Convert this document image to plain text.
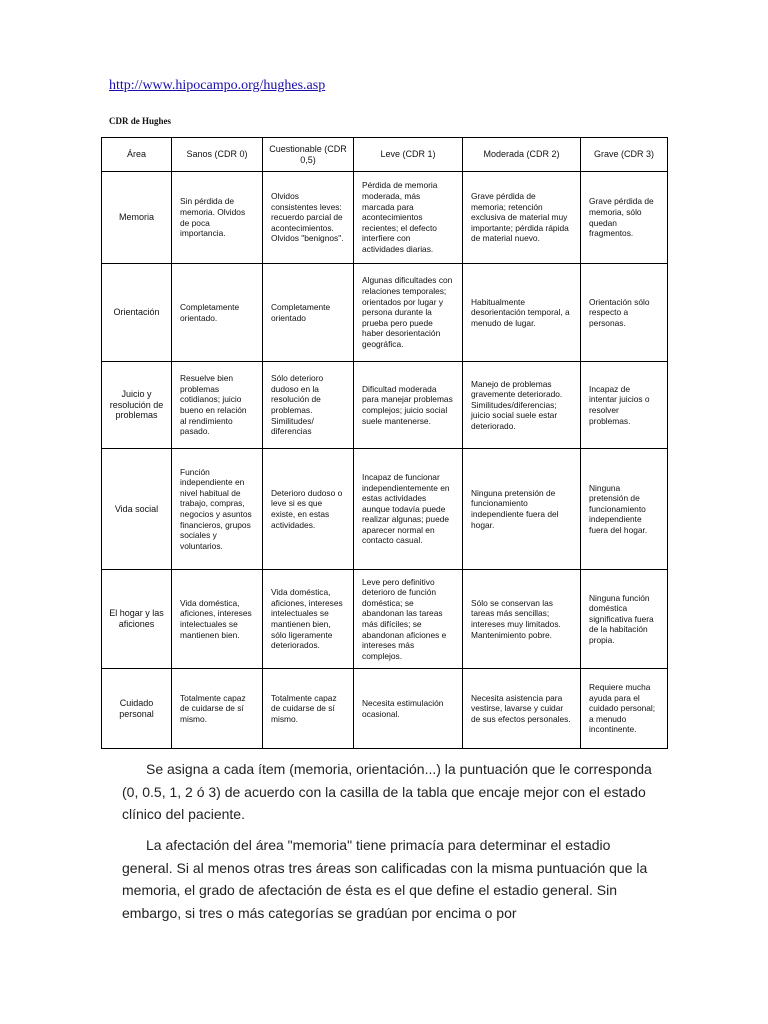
http://www.hipocampo.org/hughes.asp
CDR de Hughes
Área	Sanos (CDR 0)	Cuestionable (CDR 0,5)	Leve (CDR 1)	Moderada (CDR 2)	Grave (CDR 3)
Memoria	Sin pérdida de memoria. Olvidos de poca importancia.	Olvidos consistentes leves: recuerdo parcial de acontecimientos. Olvidos "benignos".	Pérdida de memoria moderada, más marcada para acontecimientos recientes; el defecto interfiere con actividades diarias.	Grave pérdida de memoria; retención exclusiva de material muy importante; pérdida rápida de material nuevo.	Grave pérdida de memoria, sólo quedan fragmentos.
Orientación	Completamente orientado.	Completamente orientado	Algunas dificultades con relaciones temporales; orientados por lugar y persona durante la prueba pero puede haber desorientación geográfica.	Habitualmente desorientación temporal, a menudo de lugar.	Orientación sólo respecto a personas.
Juicio y resolución de problemas	Resuelve bien problemas cotidianos; juicio bueno en relación al rendimiento pasado.	Sólo deterioro dudoso en la resolución de problemas. Similitudes/ diferencias	Dificultad moderada para manejar problemas complejos; juicio social suele mantenerse.	Manejo de problemas gravemente deteriorado. Similitudes/diferencias; juicio social suele estar deteriorado.	Incapaz de intentar juicios o resolver problemas.
Vida social	Función independiente en nivel habitual de trabajo, compras, negocios y asuntos financieros, grupos sociales y voluntarios.	Deterioro dudoso o leve si es que existe, en estas actividades.	Incapaz de funcionar independientemente en estas actividades aunque todavía puede realizar algunas; puede aparecer normal en contacto casual.	Ninguna pretensión de funcionamiento independiente fuera del hogar.	Ninguna pretensión de funcionamiento independiente fuera del hogar.
El hogar y las aficiones	Vida doméstica, aficiones, intereses intelectuales se mantienen bien.	Vida doméstica, aficiones, intereses intelectuales se mantienen bien, sólo ligeramente deteriorados.	Leve pero definitivo deterioro de función doméstica; se abandonan las tareas más difíciles; se abandonan aficiones e intereses más complejos.	Sólo se conservan las tareas más sencillas; intereses muy limitados. Mantenimiento pobre.	Ninguna función doméstica significativa fuera de la habitación propia.
Cuidado personal	Totalmente capaz de cuidarse de sí mismo.	Totalmente capaz de cuidarse de sí mismo.	Necesita estimulación ocasional.	Necesita asistencia para vestirse, lavarse y cuidar de sus efectos personales.	Requiere mucha ayuda para el cuidado personal; a menudo incontinente.

Se asigna a cada ítem (memoria, orientación...) la puntuación que le corresponda (0, 0.5, 1, 2 ó 3) de acuerdo con la casilla de la tabla que encaje mejor con el estado clínico del paciente.

La afectación del área "memoria" tiene primacía para determinar el estadio general. Si al menos otras tres áreas son calificadas con la misma puntuación que la memoria, el grado de afectación de ésta es el que define el estadio general. Sin embargo, si tres o más categorías se gradúan por encima o por
